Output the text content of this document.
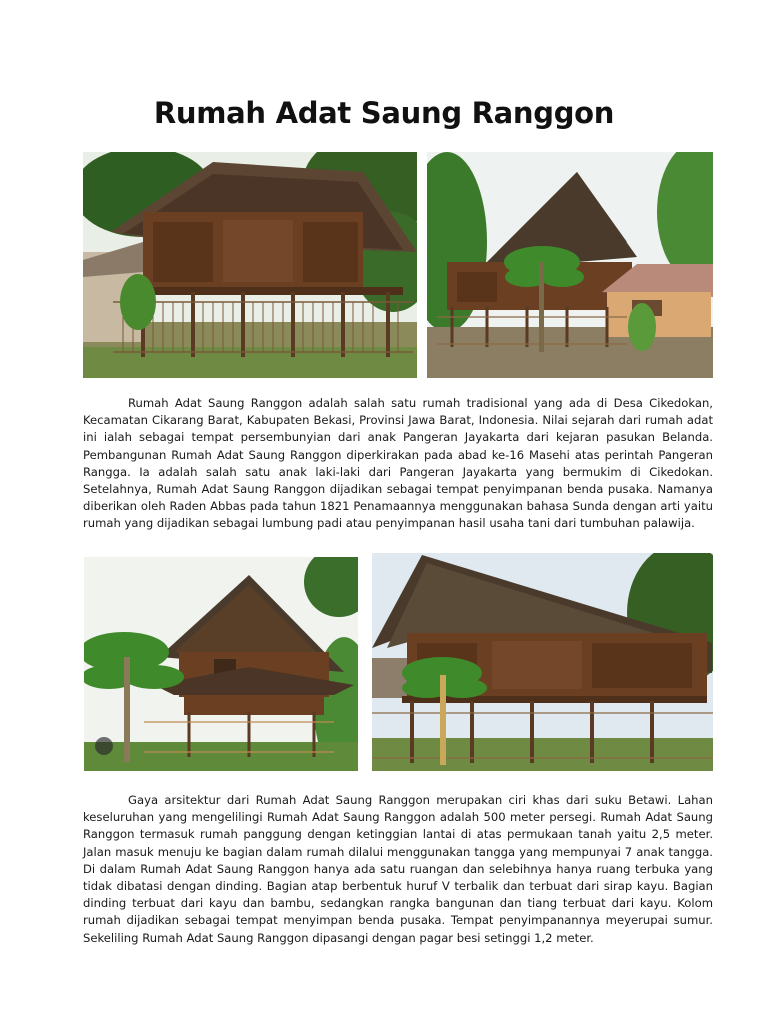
Rumah Adat Saung Ranggon

Rumah Adat Saung Ranggon adalah salah satu rumah tradisional yang ada di Desa Cikedokan, Kecamatan Cikarang Barat, Kabupaten Bekasi, Provinsi Jawa Barat, Indonesia. Nilai sejarah dari rumah adat ini ialah sebagai tempat persembunyian dari anak Pangeran Jayakarta dari kejaran pasukan Belanda. Pembangunan Rumah Adat Saung Ranggon diperkirakan pada abad ke-16 Masehi atas perintah Pangeran Rangga. Ia adalah salah satu anak laki-laki dari Pangeran Jayakarta yang bermukim di Cikedokan. Setelahnya, Rumah Adat Saung Ranggon dijadikan sebagai tempat penyimpanan benda pusaka. Namanya diberikan oleh Raden Abbas pada tahun 1821 Penamaannya menggunakan bahasa Sunda dengan arti yaitu rumah yang dijadikan sebagai lumbung padi atau penyimpanan hasil usaha tani dari tumbuhan palawija.

Gaya arsitektur dari Rumah Adat Saung Ranggon merupakan ciri khas dari suku Betawi. Lahan keseluruhan yang mengelilingi Rumah Adat Saung Ranggon adalah 500 meter persegi. Rumah Adat Saung Ranggon termasuk rumah panggung dengan ketinggian lantai di atas permukaan tanah yaitu 2,5 meter. Jalan masuk menuju ke bagian dalam rumah dilalui menggunakan tangga yang mempunyai 7 anak tangga. Di dalam Rumah Adat Saung Ranggon hanya ada satu ruangan dan selebihnya hanya ruang terbuka yang tidak dibatasi dengan dinding. Bagian atap berbentuk huruf V terbalik dan terbuat dari sirap kayu. Bagian dinding terbuat dari kayu dan bambu, sedangkan rangka bangunan dan tiang terbuat dari kayu. Kolom rumah dijadikan sebagai tempat menyimpan benda pusaka. Tempat penyimpanannya meyerupai sumur. Sekeliling Rumah Adat Saung Ranggon dipasangi dengan pagar besi setinggi 1,2 meter.
